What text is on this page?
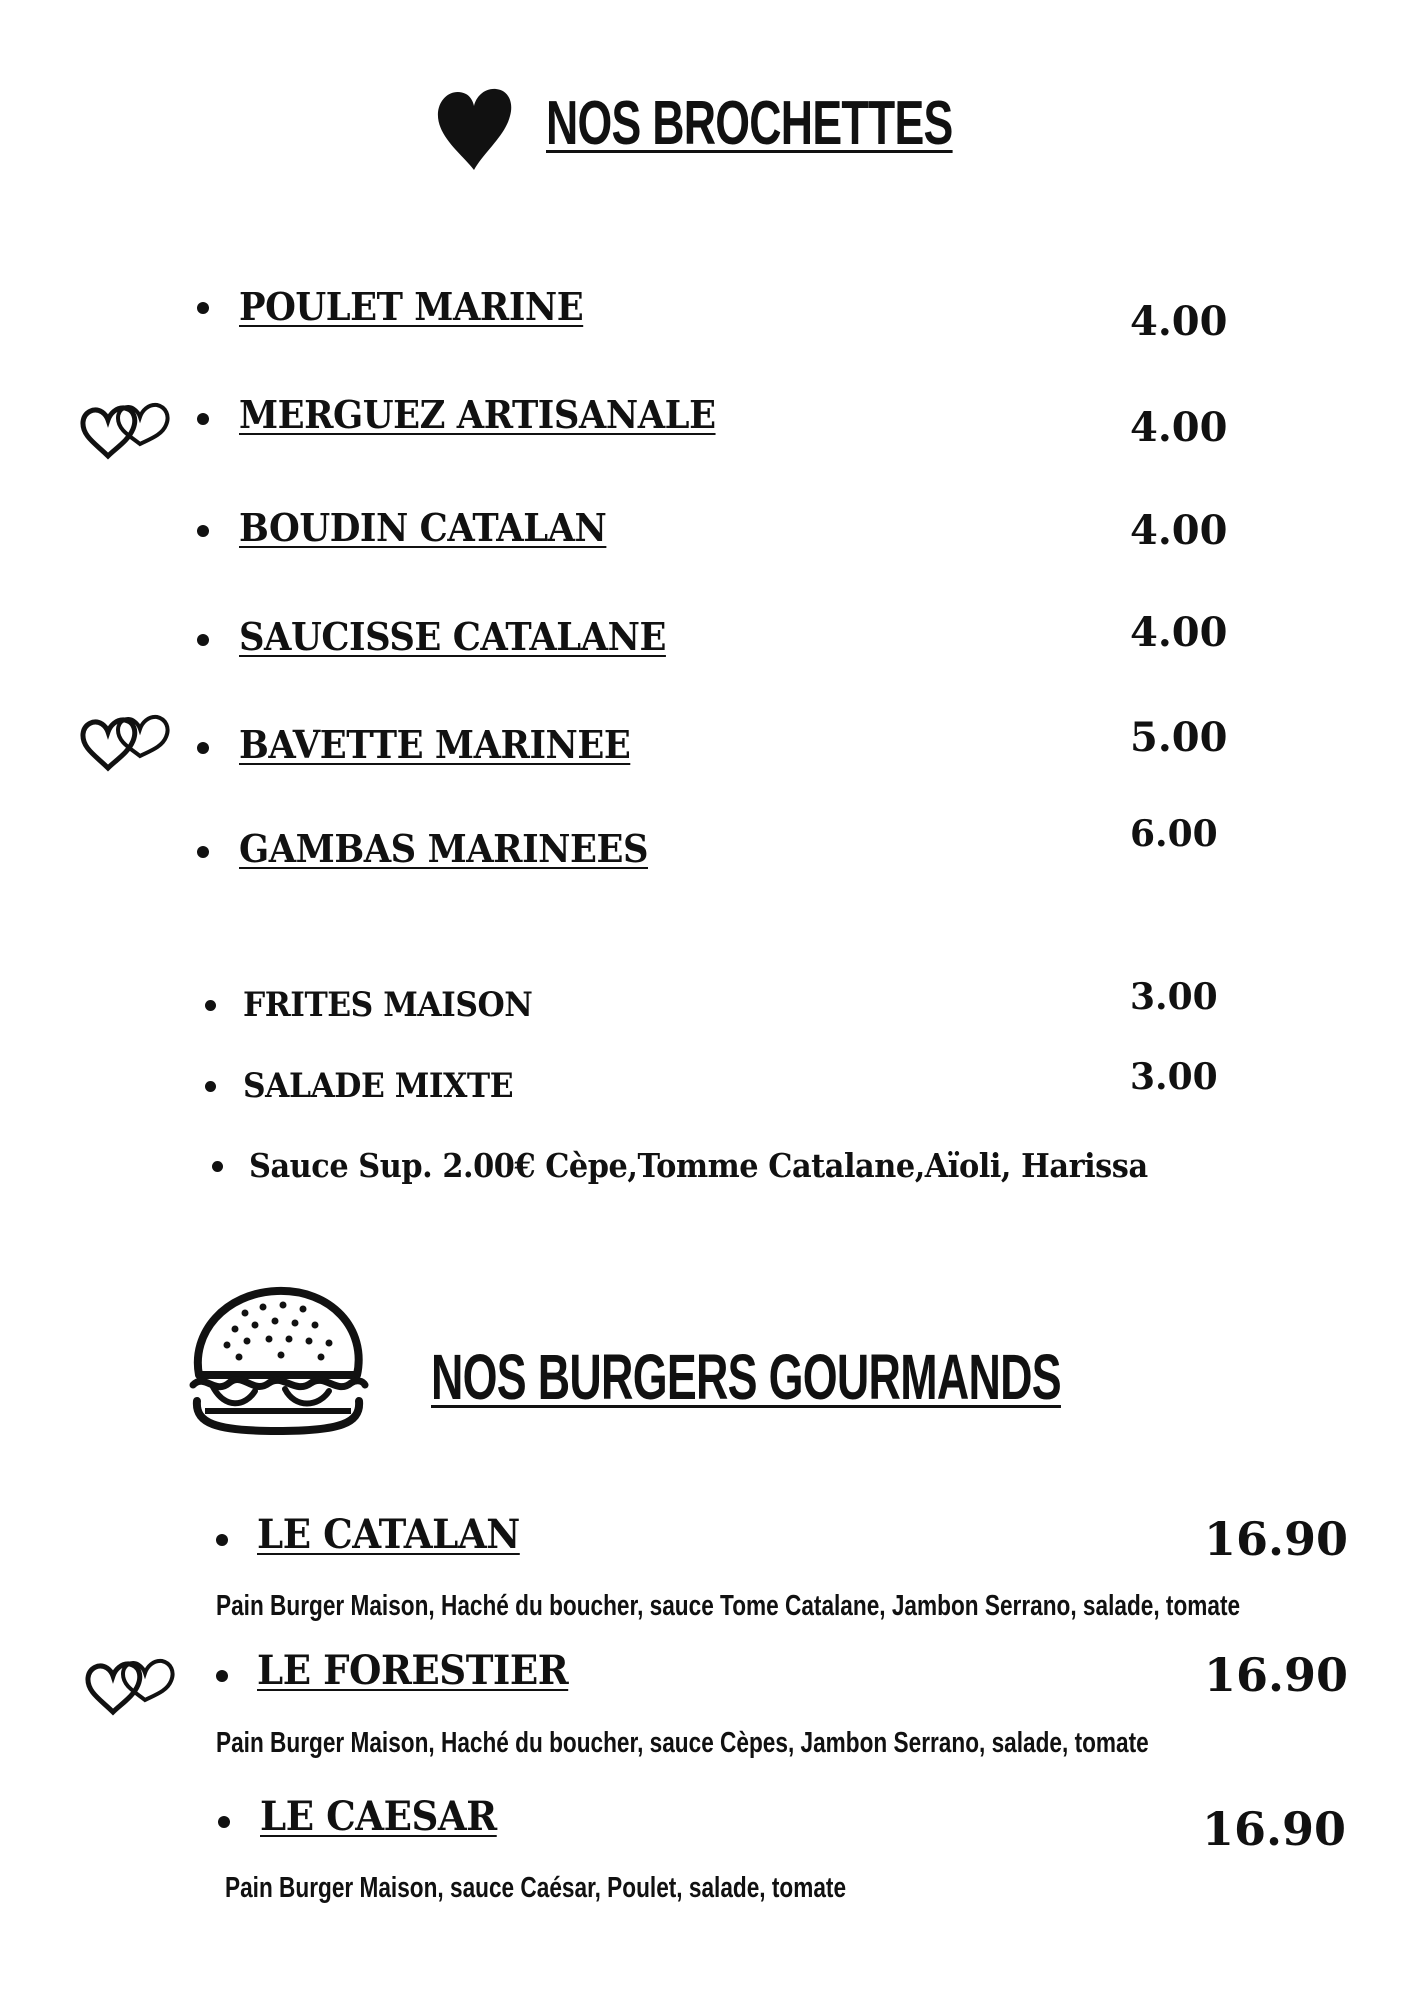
NOS BROCHETTES
POULET MARINE	4.00
MERGUEZ ARTISANALE	4.00
BOUDIN CATALAN	4.00
SAUCISSE CATALANE	4.00
BAVETTE MARINEE	5.00
GAMBAS MARINEES	6.00
FRITES MAISON	3.00
SALADE MIXTE	3.00
Sauce Sup. 2.00€ Cèpe,Tomme Catalane,Aïoli, Harissa
NOS BURGERS GOURMANDS
LE CATALAN	16.90
Pain Burger Maison, Haché du boucher, sauce Tome Catalane, Jambon Serrano, salade, tomate
LE FORESTIER	16.90
Pain Burger Maison, Haché du boucher, sauce Cèpes, Jambon Serrano, salade, tomate
LE CAESAR	16.90
Pain Burger Maison, sauce Caésar, Poulet, salade, tomate
